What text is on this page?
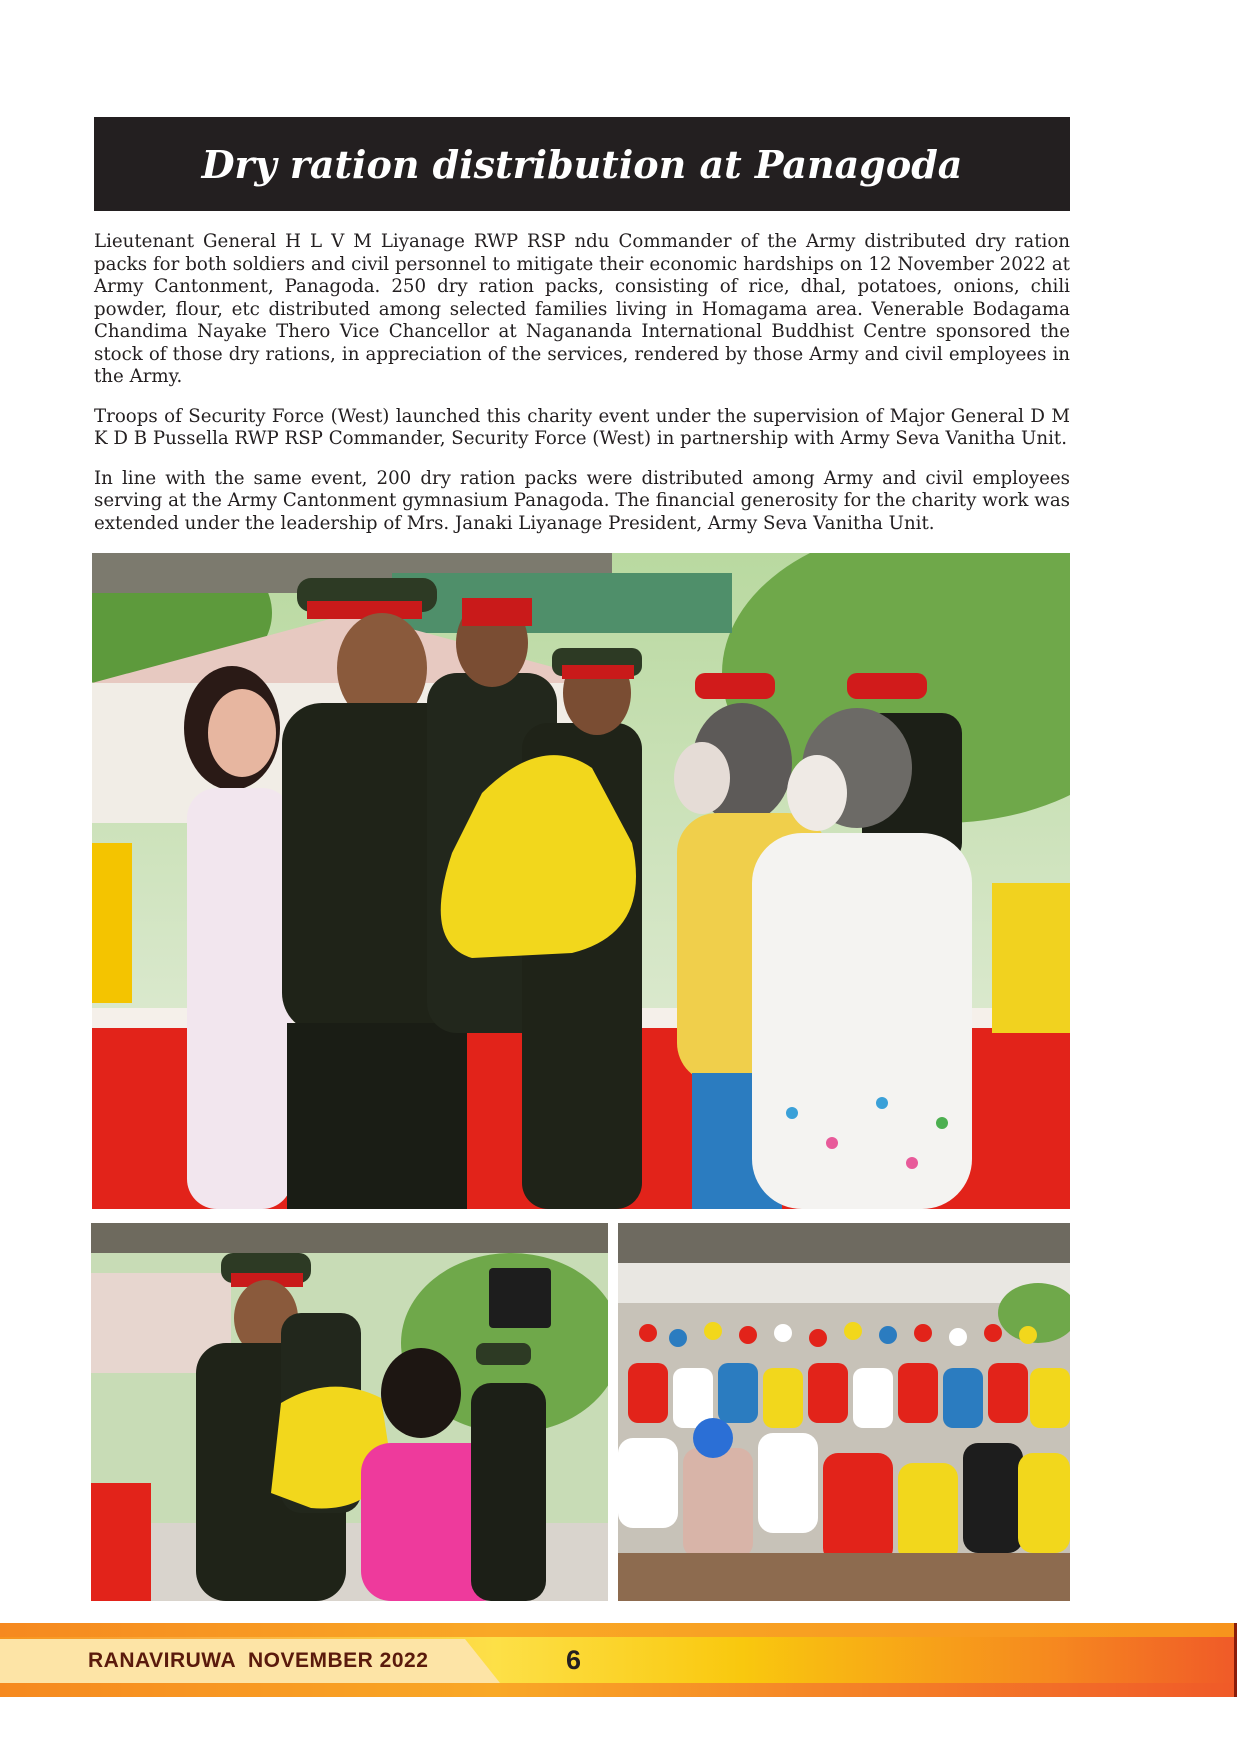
Dry ration distribution at Panagoda

Lieutenant General H L V M Liyanage RWP RSP ndu Commander of the Army distributed dry ration packs for both soldiers and civil personnel to mitigate their economic hardships on 12 November 2022 at Army Cantonment, Panagoda. 250 dry ration packs, consisting of rice, dhal, potatoes, onions, chili powder, flour, etc distributed among selected families living in Homagama area. Venerable Bodagama Chandima Nayake Thero Vice Chancellor at Nagananda International Buddhist Centre sponsored the stock of those dry rations, in appreciation of the services, rendered by those Army and civil employees in the Army.

Troops of Security Force (West) launched this charity event under the supervision of Major General D M K D B Pussella RWP RSP Commander, Security Force (West) in partnership with Army Seva Vanitha Unit.

In line with the same event, 200 dry ration packs were distributed among Army and civil employees serving at the Army Cantonment gymnasium Panagoda. The financial generosity for the charity work was extended under the leadership of Mrs. Janaki Liyanage President, Army Seva Vanitha Unit.

RANAVIRUWA NOVEMBER 2022	6
